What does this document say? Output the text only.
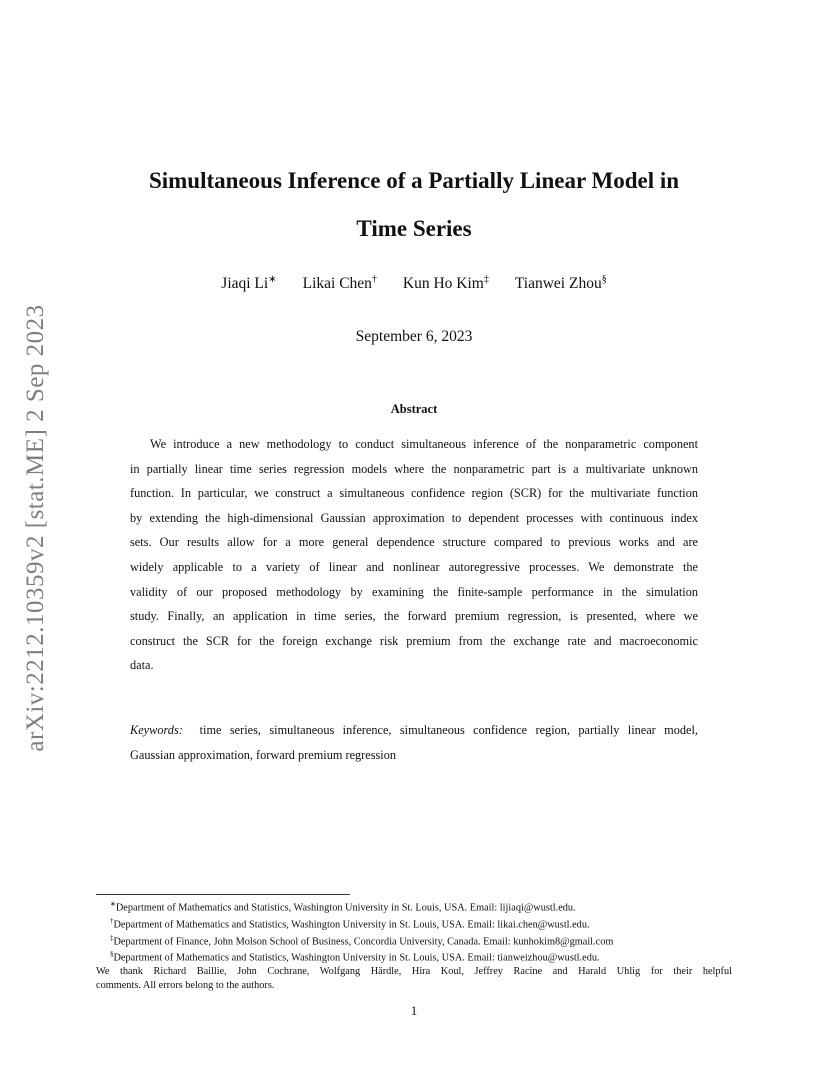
arXiv:2212.10359v2 [stat.ME] 2 Sep 2023
Simultaneous Inference of a Partially Linear Model in
Time Series
Jiaqi Li∗ Likai Chen† Kun Ho Kim‡ Tianwei Zhou§
September 6, 2023
Abstract
We introduce a new methodology to conduct simultaneous inference of the nonparametric component
in partially linear time series regression models where the nonparametric part is a multivariate unknown
function. In particular, we construct a simultaneous confidence region (SCR) for the multivariate function
by extending the high-dimensional Gaussian approximation to dependent processes with continuous index
sets. Our results allow for a more general dependence structure compared to previous works and are
widely applicable to a variety of linear and nonlinear autoregressive processes. We demonstrate the
validity of our proposed methodology by examining the finite-sample performance in the simulation
study. Finally, an application in time series, the forward premium regression, is presented, where we
construct the SCR for the foreign exchange risk premium from the exchange rate and macroeconomic
data.
Keywords: time series, simultaneous inference, simultaneous confidence region, partially linear model,
Gaussian approximation, forward premium regression
∗Department of Mathematics and Statistics, Washington University in St. Louis, USA. Email: lijiaqi@wustl.edu.
†Department of Mathematics and Statistics, Washington University in St. Louis, USA. Email: likai.chen@wustl.edu.
‡Department of Finance, John Molson School of Business, Concordia University, Canada. Email: kunhokim8@gmail.com
§Department of Mathematics and Statistics, Washington University in St. Louis, USA. Email: tianweizhou@wustl.edu.
We thank Richard Baillie, John Cochrane, Wolfgang Härdle, Hira Koul, Jeffrey Racine and Harald Uhlig for their helpful
comments. All errors belong to the authors.
1
